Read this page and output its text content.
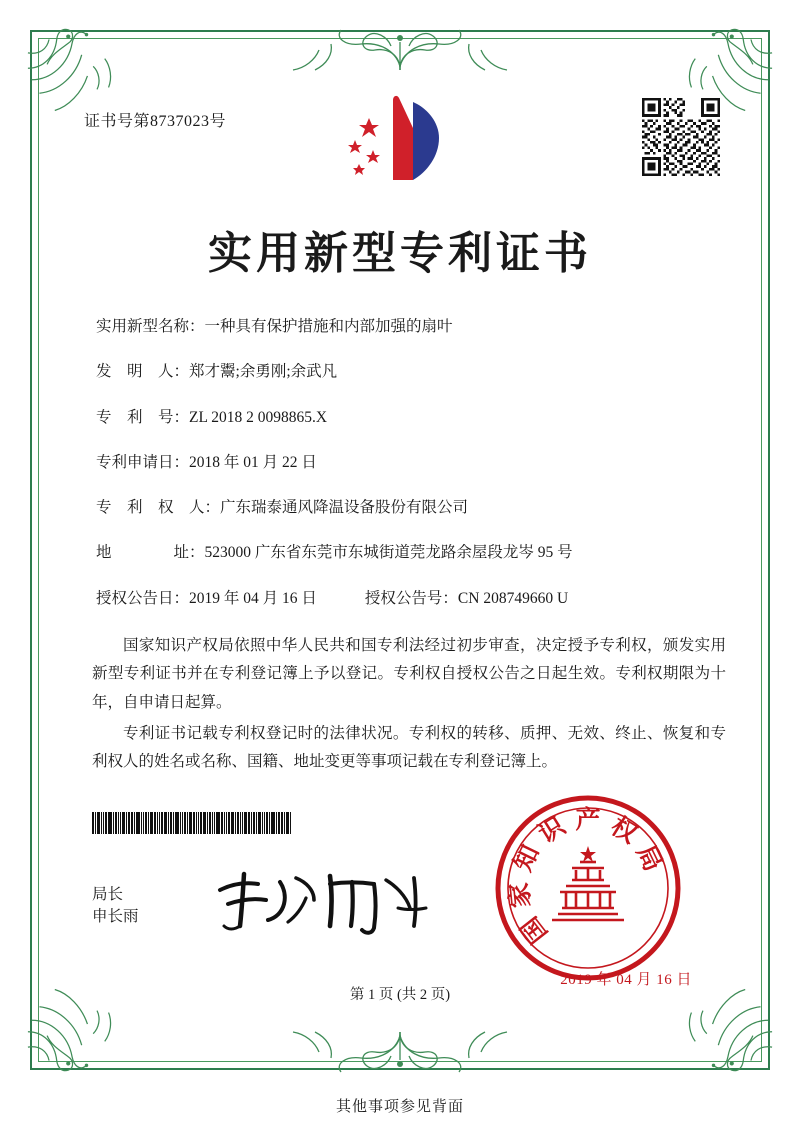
证书号第8737023号
实用新型专利证书
实用新型名称：一种具有保护措施和内部加强的扇叶
发　明　人：郑才鬻;余勇刚;余武凡
专　利　号：ZL 2018 2 0098865.X
专利申请日：2018 年 01 月 22 日
专　利　权　人：广东瑞泰通风降温设备股份有限公司
地　　　　址：523000 广东省东莞市东城街道莞龙路余屋段龙岑 95 号
授权公告日：2019 年 04 月 16 日	授权公告号：CN 208749660 U

国家知识产权局依照中华人民共和国专利法经过初步审查，决定授予专利权，颁发实用新型专利证书并在专利登记簿上予以登记。专利权自授权公告之日起生效。专利权期限为十年，自申请日起算。

专利证书记载专利权登记时的法律状况。专利权的转移、质押、无效、终止、恢复和专利权人的姓名或名称、国籍、地址变更等事项记载在专利登记簿上。

局长
申长雨	国
家
知
识 产 权
局
2019 年 04 月 16 日
第 1 页 (共 2 页)
其他事项参见背面
